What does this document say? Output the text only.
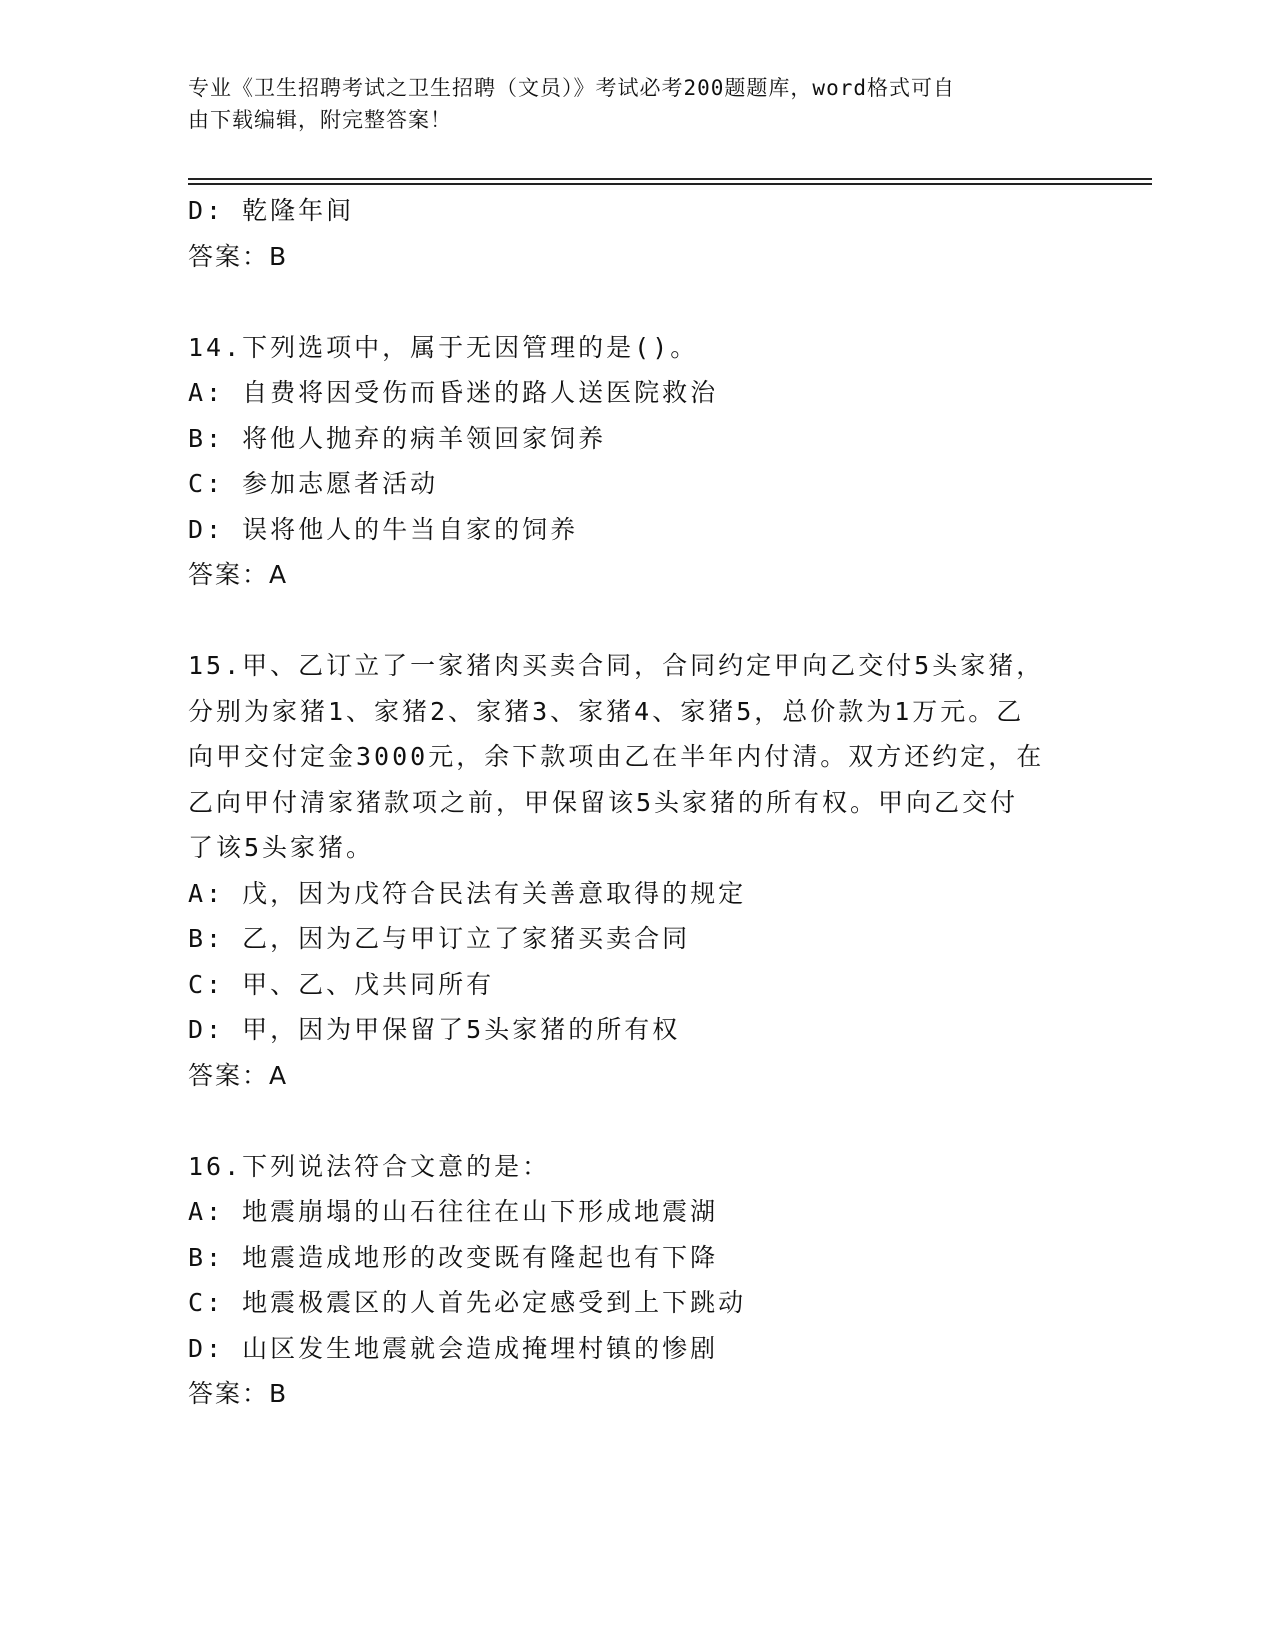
专业《卫生招聘考试之卫生招聘（文员）》考试必考200题题库，word格式可自
由下载编辑，附完整答案！
D: 乾隆年间
答案：B
14.下列选项中，属于无因管理的是()。
A: 自费将因受伤而昏迷的路人送医院救治
B: 将他人抛弃的病羊领回家饲养
C: 参加志愿者活动
D: 误将他人的牛当自家的饲养
答案：A
15.甲、乙订立了一家猪肉买卖合同，合同约定甲向乙交付5头家猪，
分别为家猪1、家猪2、家猪3、家猪4、家猪5，总价款为1万元。乙
向甲交付定金3000元，余下款项由乙在半年内付清。双方还约定，在
乙向甲付清家猪款项之前，甲保留该5头家猪的所有权。甲向乙交付
了该5头家猪。
A: 戊，因为戊符合民法有关善意取得的规定
B: 乙，因为乙与甲订立了家猪买卖合同
C: 甲、乙、戊共同所有
D: 甲，因为甲保留了5头家猪的所有权
答案：A
16.下列说法符合文意的是：
A: 地震崩塌的山石往往在山下形成地震湖
B: 地震造成地形的改变既有隆起也有下降
C: 地震极震区的人首先必定感受到上下跳动
D: 山区发生地震就会造成掩埋村镇的惨剧
答案：B
